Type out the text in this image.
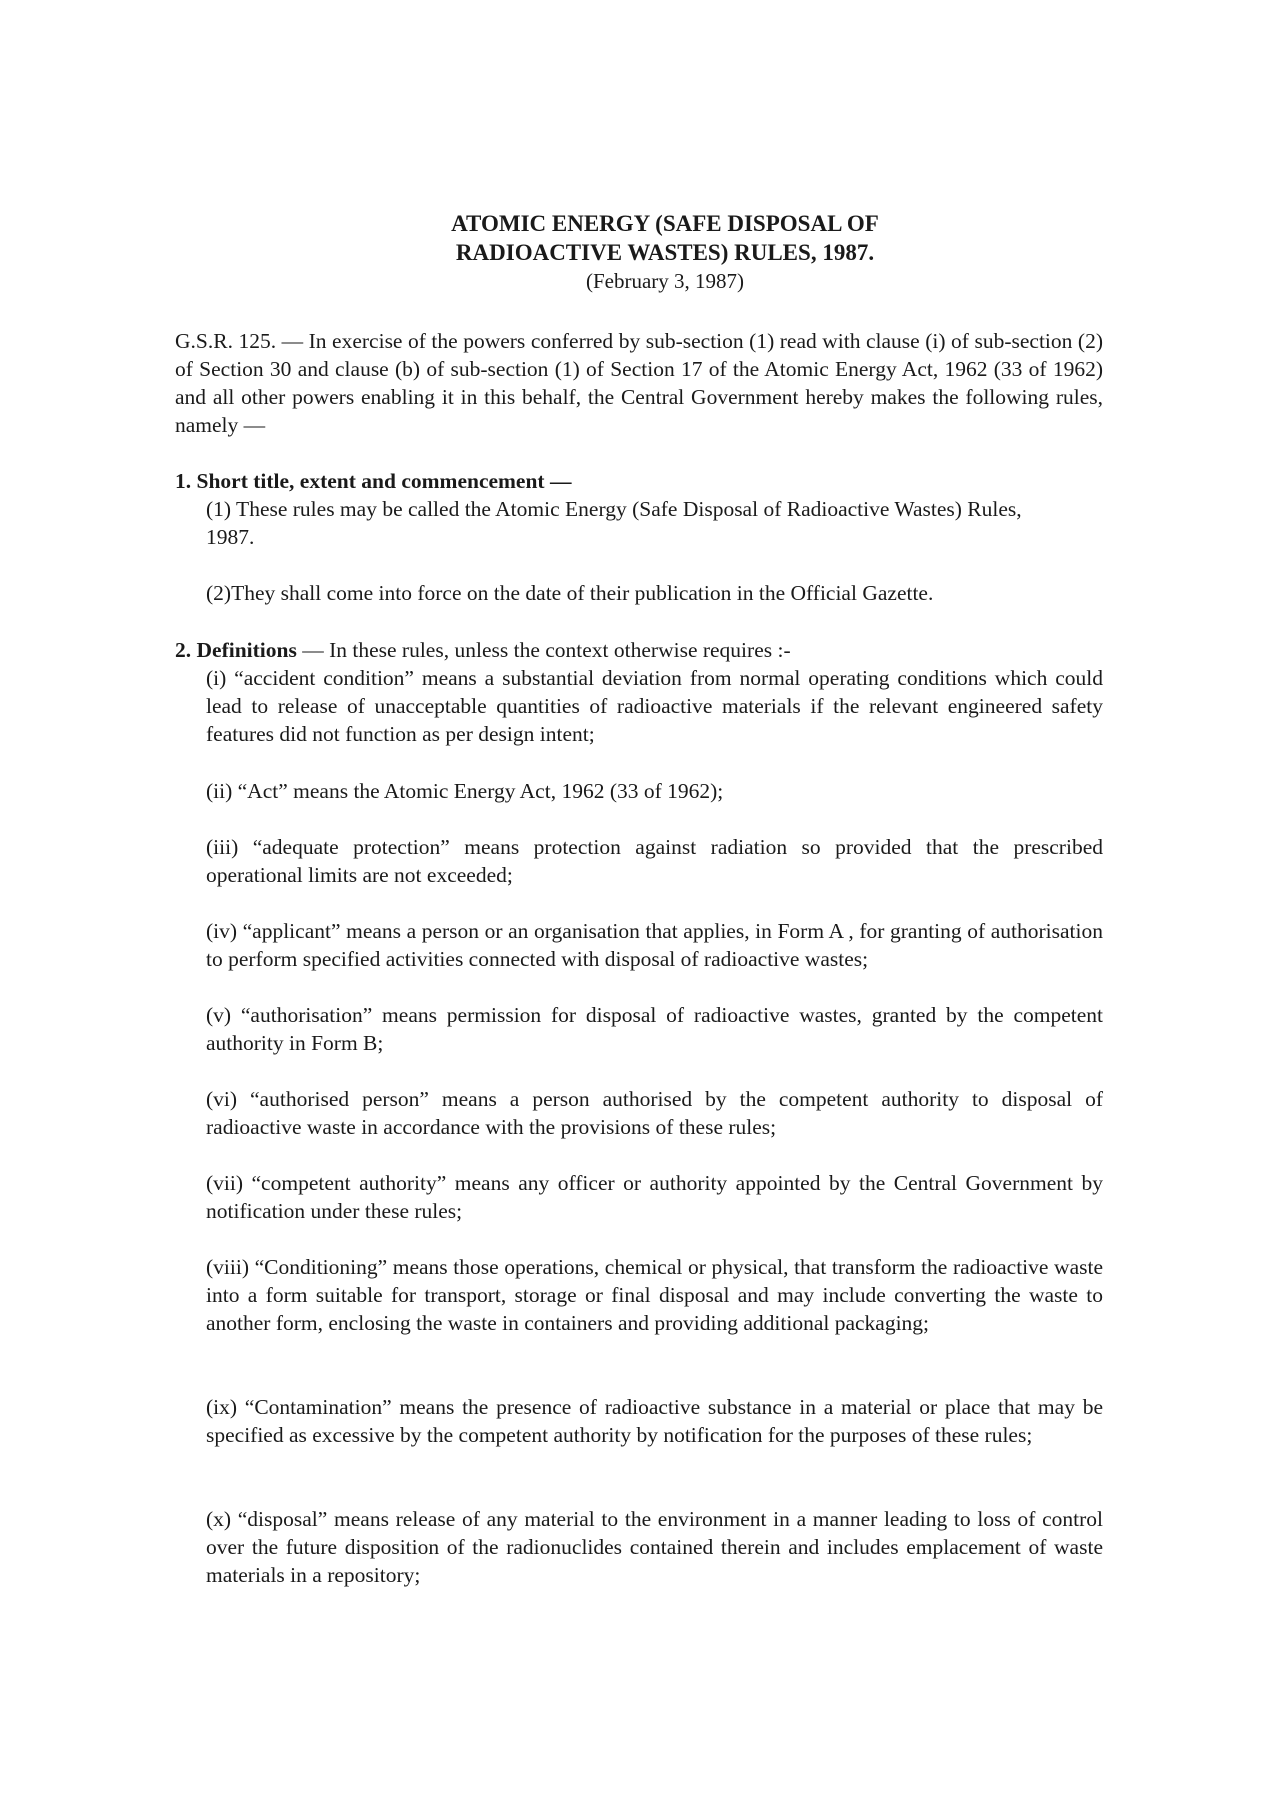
ATOMIC ENERGY (SAFE DISPOSAL OF
RADIOACTIVE WASTES) RULES, 1987.
(February 3, 1987)

G.S.R. 125. — In exercise of the powers conferred by sub-section (1) read with clause (i) of sub-section (2) of Section 30 and clause (b) of sub-section (1) of Section 17 of the Atomic Energy Act, 1962 (33 of 1962) and all other powers enabling it in this behalf, the Central Government hereby makes the following rules, namely —

1. Short title, extent and commencement —

(1) These rules may be called the Atomic Energy (Safe Disposal of Radioactive Wastes) Rules, 1987.

(2)They shall come into force on the date of their publication in the Official Gazette.

2. Definitions — In these rules, unless the context otherwise requires :-

(i) “accident condition” means a substantial deviation from normal operating conditions which could lead to release of unacceptable quantities of radioactive materials if the relevant engineered safety features did not function as per design intent;

(ii) “Act” means the Atomic Energy Act, 1962 (33 of 1962);

(iii) “adequate protection” means protection against radiation so provided that the prescribed operational limits are not exceeded;

(iv) “applicant” means a person or an organisation that applies, in Form A , for granting of authorisation to perform specified activities connected with disposal of radioactive wastes;

(v) “authorisation” means permission for disposal of radioactive wastes, granted by the competent authority in Form B;

(vi) “authorised person” means a person authorised by the competent authority to disposal of radioactive waste in accordance with the provisions of these rules;

(vii) “competent authority” means any officer or authority appointed by the Central Government by notification under these rules;

(viii) “Conditioning” means those operations, chemical or physical, that transform the radioactive waste into a form suitable for transport, storage or final disposal and may include converting the waste to another form, enclosing the waste in containers and providing additional packaging;

(ix) “Contamination” means the presence of radioactive substance in a material or place that may be specified as excessive by the competent authority by notification for the purposes of these rules;

(x) “disposal” means release of any material to the environment in a manner leading to loss of control over the future disposition of the radionuclides contained therein and includes emplacement of waste materials in a repository;
